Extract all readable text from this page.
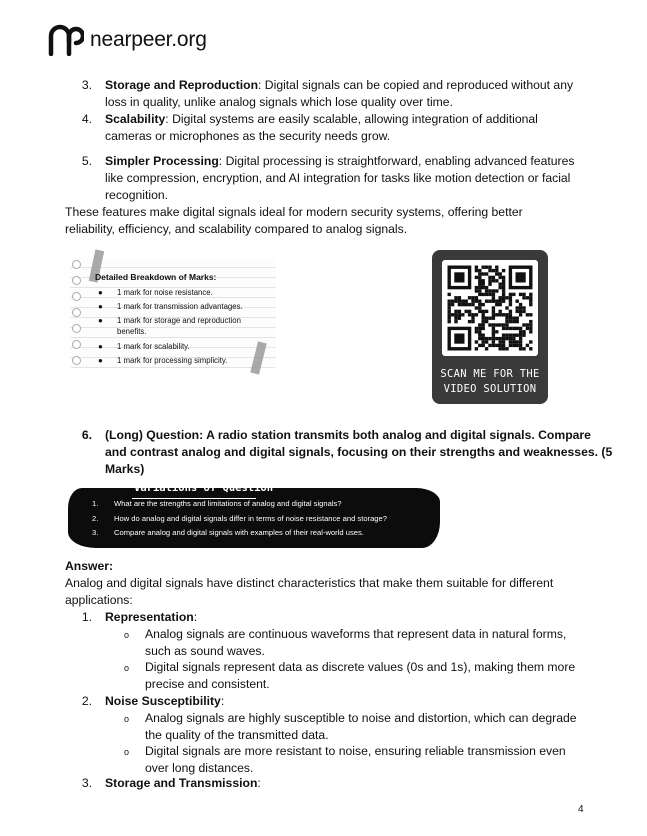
nearpeer.org
3. Storage and Reproduction: Digital signals can be copied and reproduced without any
loss in quality, unlike analog signals which lose quality over time.
4. Scalability: Digital systems are easily scalable, allowing integration of additional
cameras or microphones as the security needs grow.
5. Simpler Processing: Digital processing is straightforward, enabling advanced features
like compression, encryption, and AI integration for tasks like motion detection or facial
recognition.
These features make digital signals ideal for modern security systems, offering better
reliability, efficiency, and scalability compared to analog signals.
Detailed Breakdown of Marks:
● 1 mark for noise resistance.
● 1 mark for transmission advantages.
● 1 mark for storage and reproduction
benefits.
● 1 mark for scalability.
● 1 mark for processing simplicity.
SCAN ME FOR THE
VIDEO SOLUTION
6. (Long) Question: A radio station transmits both analog and digital signals. Compare
and contrast analog and digital signals, focusing on their strengths and weaknesses. (5
Marks)
Variations of Question
1. What are the strengths and limitations of analog and digital signals?
2. How do analog and digital signals differ in terms of noise resistance and storage?
3. Compare analog and digital signals with examples of their real-world uses.
Answer:
Analog and digital signals have distinct characteristics that make them suitable for different
applications:
1. Representation:
o Analog signals are continuous waveforms that represent data in natural forms,
such as sound waves.
o Digital signals represent data as discrete values (0s and 1s), making them more
precise and consistent.
2. Noise Susceptibility:
o Analog signals are highly susceptible to noise and distortion, which can degrade
the quality of the transmitted data.
o Digital signals are more resistant to noise, ensuring reliable transmission even
over long distances.
3. Storage and Transmission:
4
